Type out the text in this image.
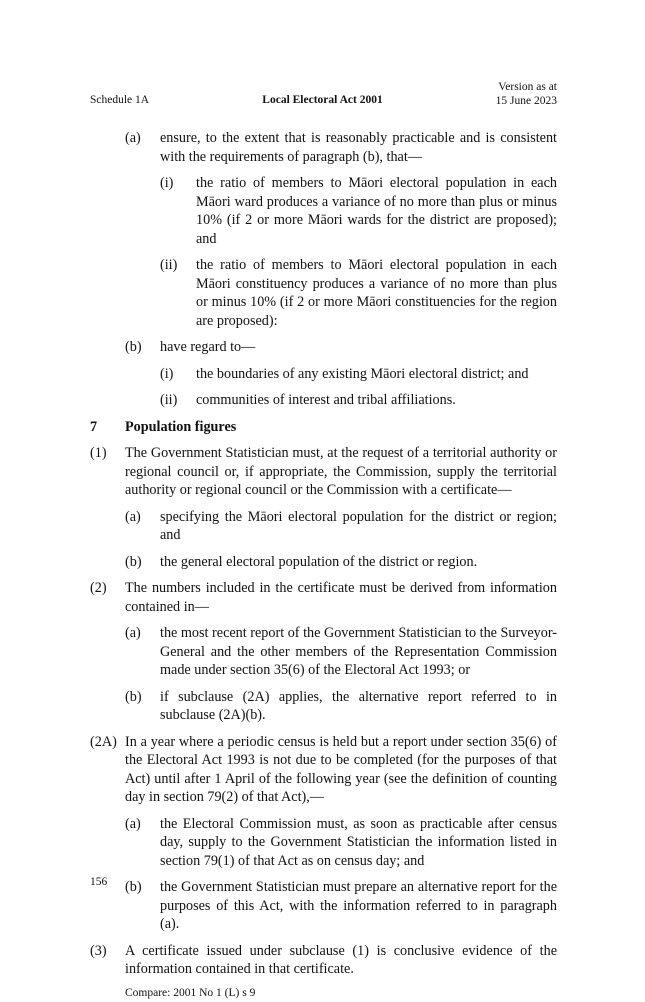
Schedule 1A	Local Electoral Act 2001
Version as at
15 June 2023
(a) ensure, to the extent that is reasonably practicable and is consistent with the requirements of paragraph (b), that—
(i) the ratio of members to Māori electoral population in each Māori ward produces a variance of no more than plus or minus 10% (if 2 or more Māori wards for the district are proposed); and
(ii) the ratio of members to Māori electoral population in each Māori constituency produces a variance of no more than plus or minus 10% (if 2 or more Māori constituencies for the region are proposed):
(b) have regard to—
(i) the boundaries of any existing Māori electoral district; and
(ii) communities of interest and tribal affiliations.
7 Population figures
(1) The Government Statistician must, at the request of a territorial authority or regional council or, if appropriate, the Commission, supply the territorial authority or regional council or the Commission with a certificate—
(a) specifying the Māori electoral population for the district or region; and
(b) the general electoral population of the district or region.
(2) The numbers included in the certificate must be derived from information contained in—
(a) the most recent report of the Government Statistician to the Surveyor-General and the other members of the Representation Commission made under section 35(6) of the Electoral Act 1993; or
(b) if subclause (2A) applies, the alternative report referred to in subclause (2A)(b).
(2A) In a year where a periodic census is held but a report under section 35(6) of the Electoral Act 1993 is not due to be completed (for the purposes of that Act) until after 1 April of the following year (see the definition of counting day in section 79(2) of that Act),—
(a) the Electoral Commission must, as soon as practicable after census day, supply to the Government Statistician the information listed in section 79(1) of that Act as on census day; and
(b) the Government Statistician must prepare an alternative report for the purposes of this Act, with the information referred to in paragraph (a).
(3) A certificate issued under subclause (1) is conclusive evidence of the information contained in that certificate.
Compare: 2001 No 1 (L) s 9
156
